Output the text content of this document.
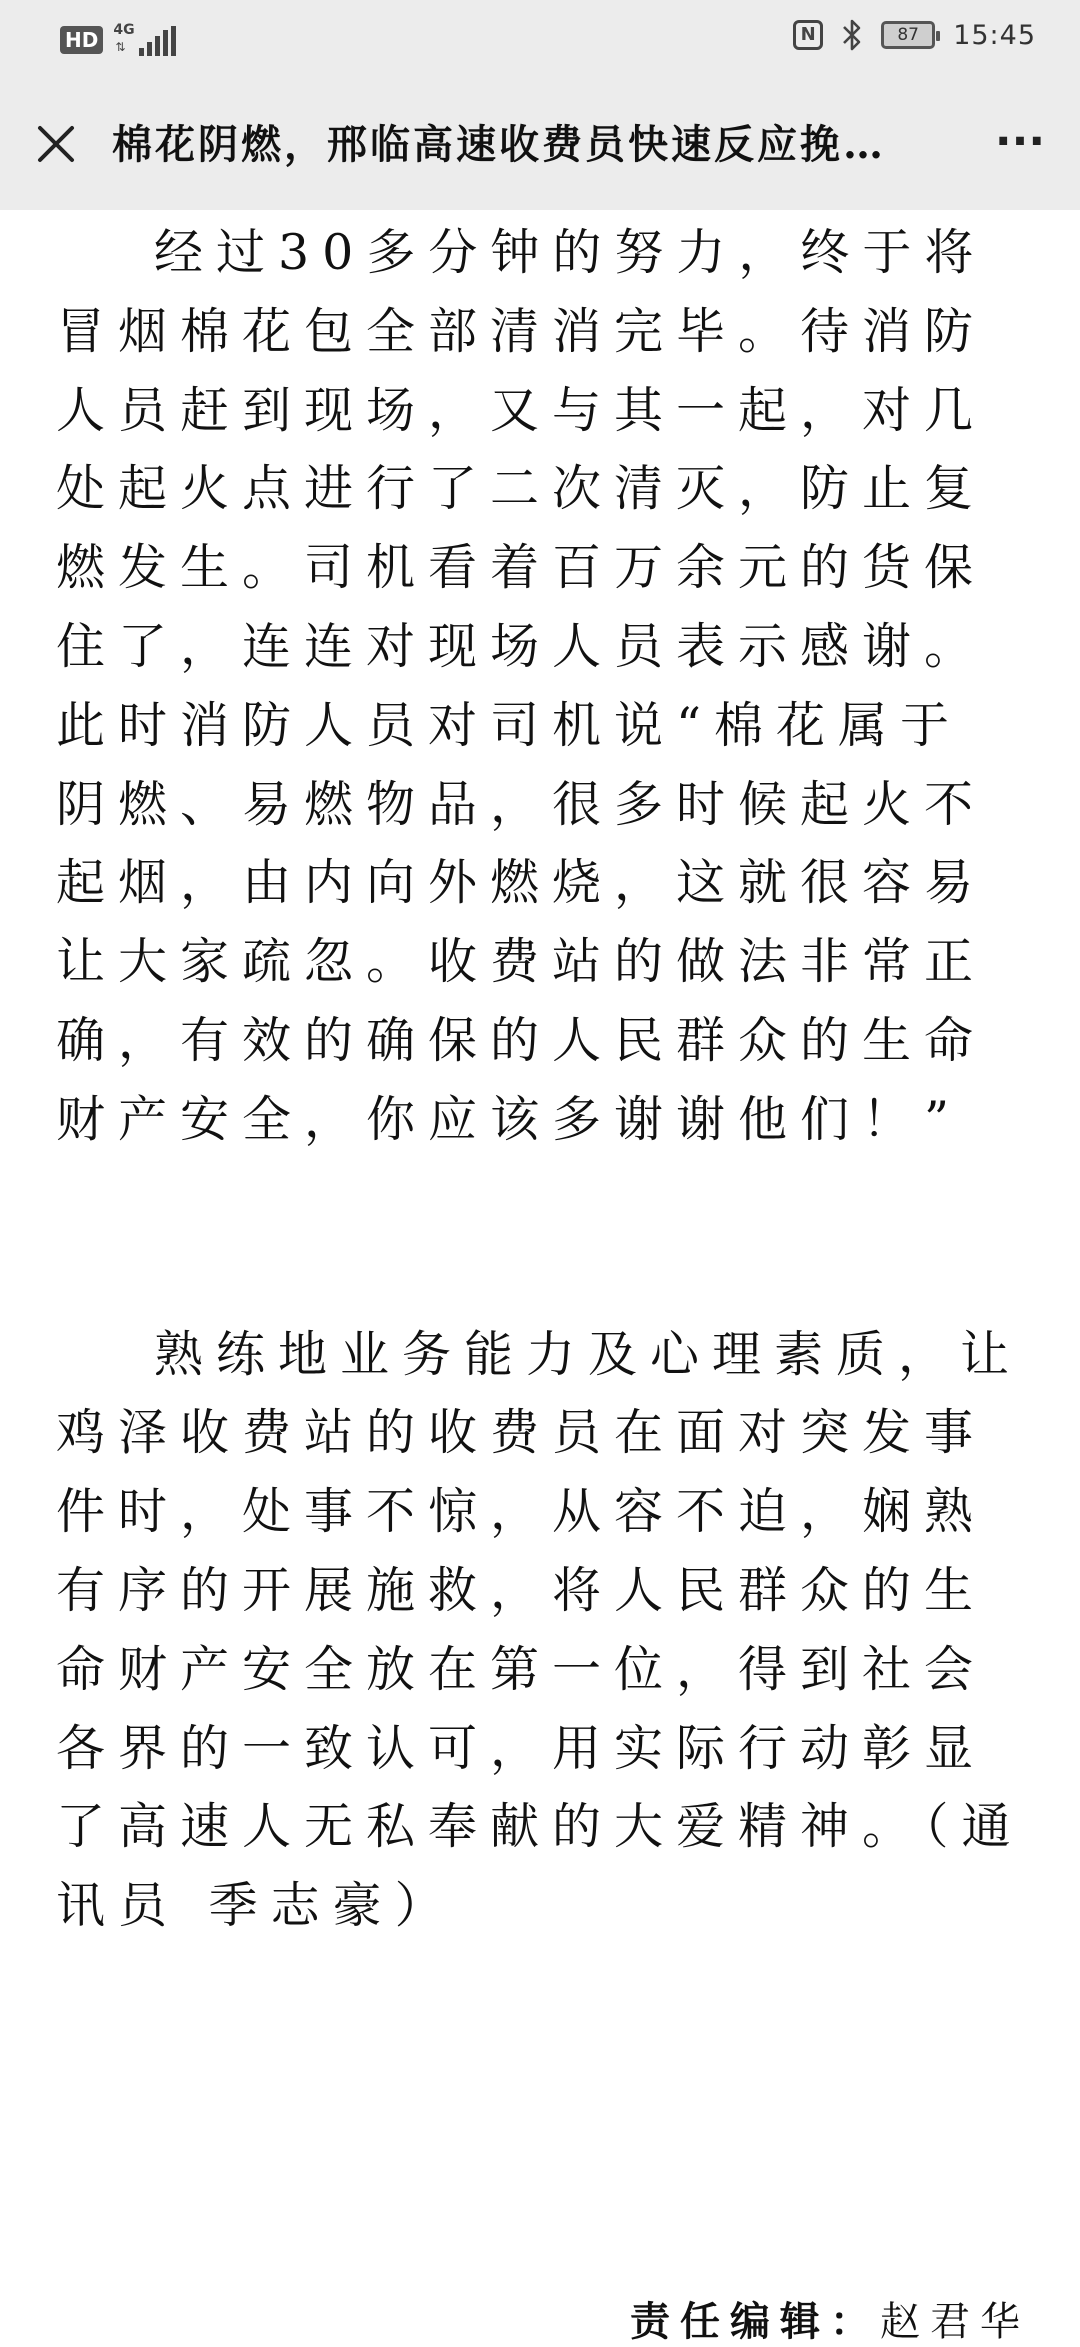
HD	4G
⇅
N	87	15:45
棉花阴燃，邢临高速收费员快速反应挽…	···

经过30多分钟的努力，终于将冒烟棉花包全部清消完毕。待消防人员赶到现场，又与其一起，对几处起火点进行了二次清灭，防止复燃发生。司机看着百万余元的货保住了，连连对现场人员表示感谢。此时消防人员对司机说“棉花属于阴燃、易燃物品，很多时候起火不起烟，由内向外燃烧，这就很容易让大家疏忽。收费站的做法非常正确，有效的确保的人民群众的生命财产安全，你应该多谢谢他们！”

熟练地业务能力及心理素质，让鸡泽收费站的收费员在面对突发事件时，处事不惊，从容不迫，娴熟有序的开展施救，将人民群众的生命财产安全放在第一位，得到社会各界的一致认可，用实际行动彰显了高速人无私奉献的大爱精神。（通讯员 季志豪）

责任编辑：赵君华
